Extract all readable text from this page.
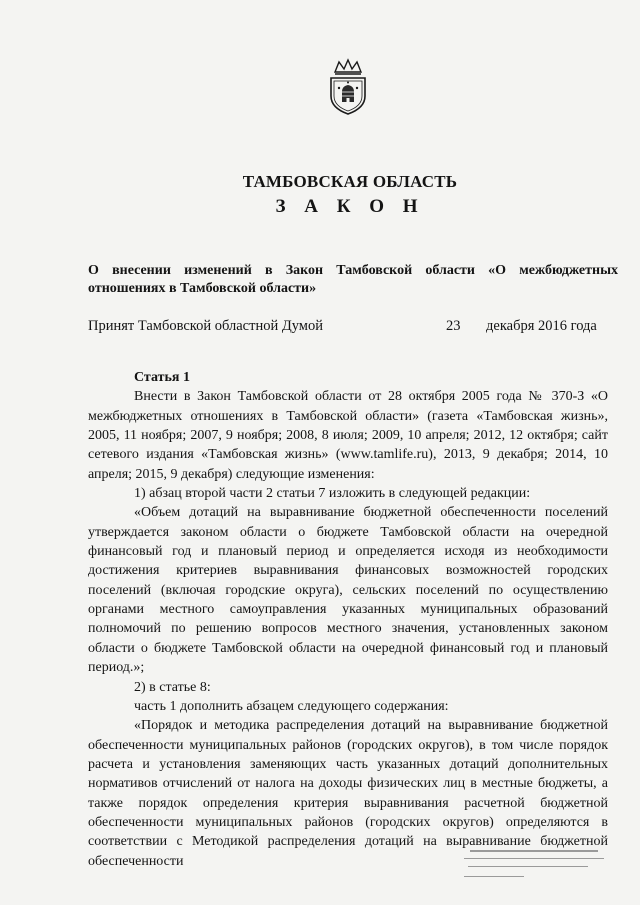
ТАМБОВСКАЯ ОБЛАСТЬ
З А К О Н
О внесении изменений в Закон Тамбовской области «О межбюджетных отношениях в Тамбовской области»
Принят Тамбовской областной Думой	23 декабря 2016 года

Статья 1

Внести в Закон Тамбовской области от 28 октября 2005 года № 370-З «О межбюджетных отношениях в Тамбовской области» (газета «Тамбовская жизнь», 2005, 11 ноября; 2007, 9 ноября; 2008, 8 июля; 2009, 10 апреля; 2012, 12 октября; сайт сетевого издания «Тамбовская жизнь» (www.tamlife.ru), 2013, 9 декабря; 2014, 10 апреля; 2015, 9 декабря) следующие изменения:

1) абзац второй части 2 статьи 7 изложить в следующей редакции:

«Объем дотаций на выравнивание бюджетной обеспеченности поселений утверждается законом области о бюджете Тамбовской области на очередной финансовый год и плановый период и определяется исходя из необходимости достижения критериев выравнивания финансовых возможностей городских поселений (включая городские округа), сельских поселений по осуществлению органами местного самоуправления указанных муниципальных образований полномочий по решению вопросов местного значения, установленных законом области о бюджете Тамбовской области на очередной финансовый год и плановый период.»;

2) в статье 8:

часть 1 дополнить абзацем следующего содержания:

«Порядок и методика распределения дотаций на выравнивание бюджетной обеспеченности муниципальных районов (городских округов), в том числе порядок расчета и установления заменяющих часть указанных дотаций дополнительных нормативов отчислений от налога на доходы физических лиц в местные бюджеты, а также порядок определения критерия выравнивания расчетной бюджетной обеспеченности муниципальных районов (городских округов) определяются в соответствии с Методикой распределения дотаций на выравнивание бюджетной обеспеченности
